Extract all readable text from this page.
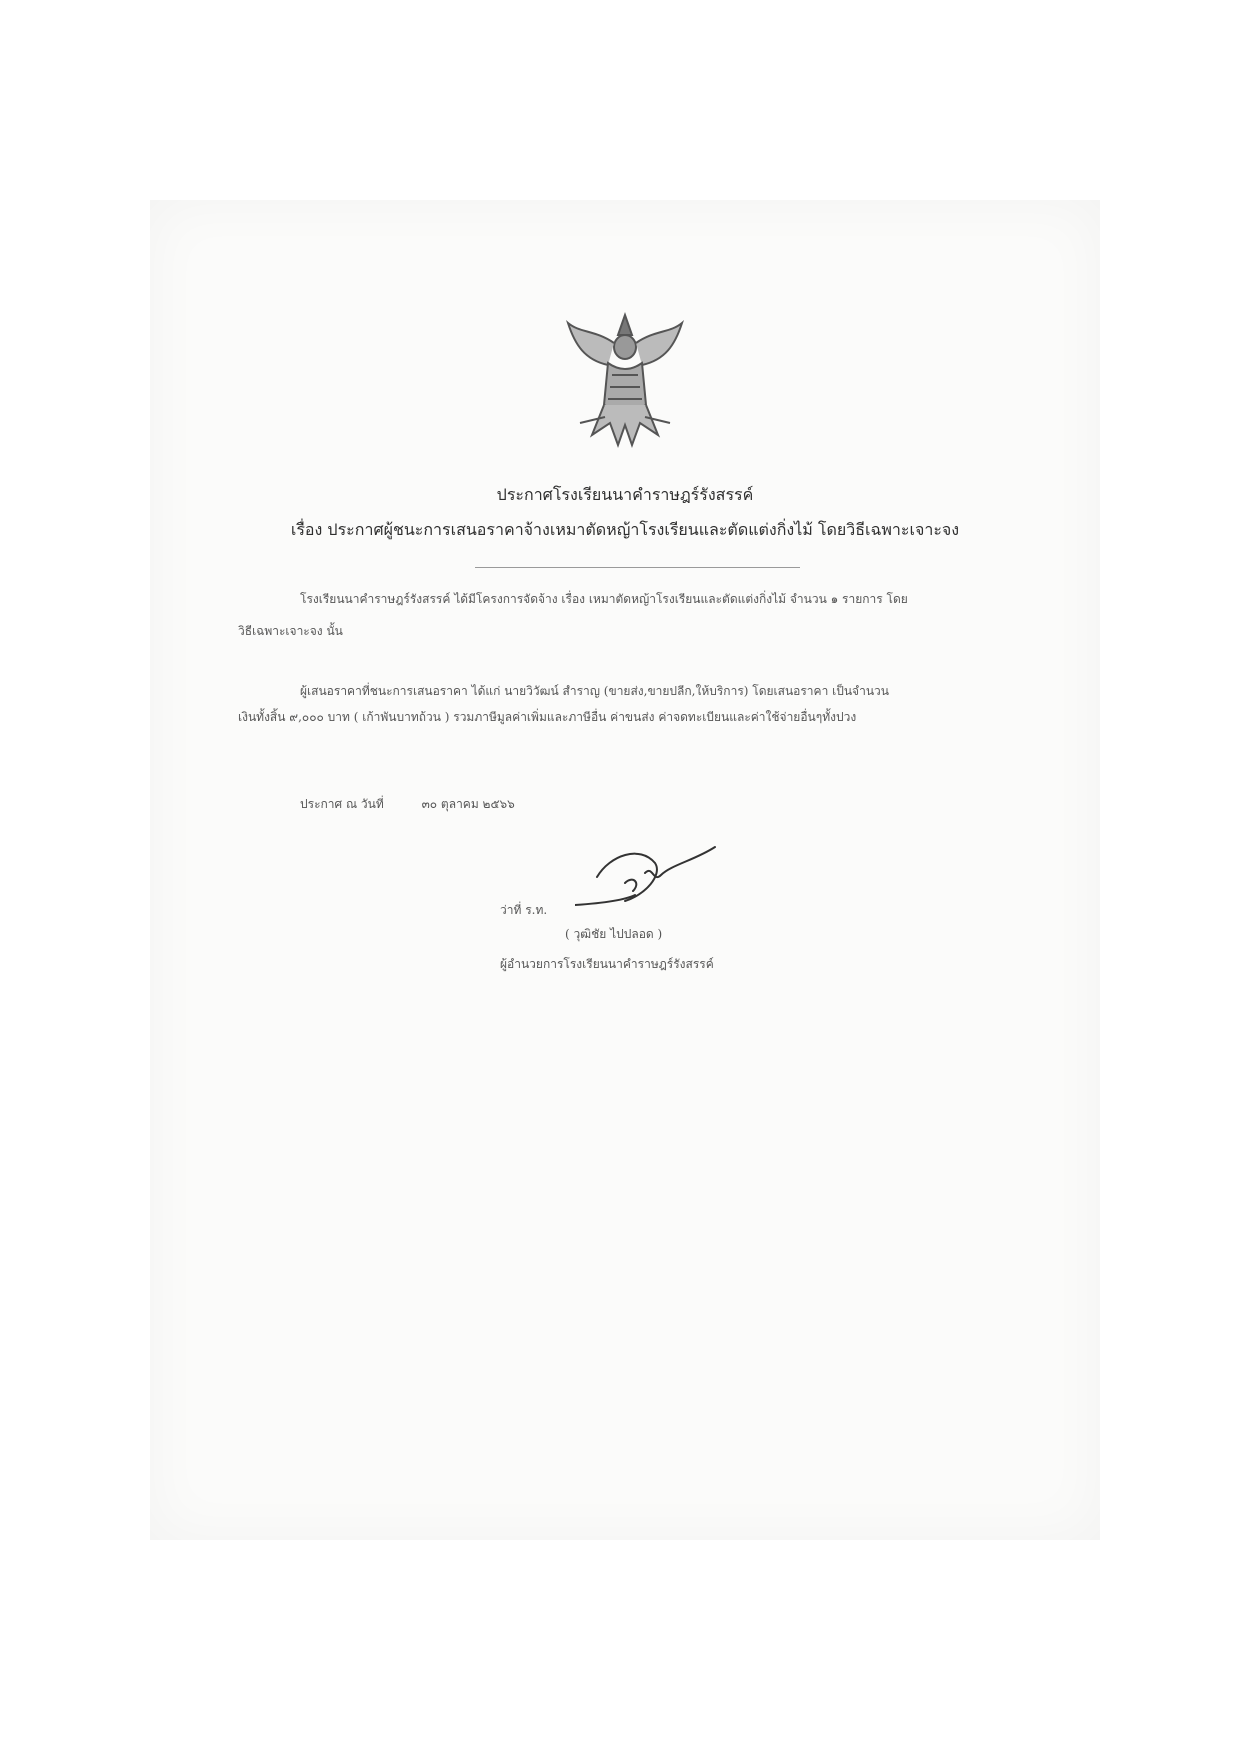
ประกาศโรงเรียนนาคำราษฎร์รังสรรค์
เรื่อง ประกาศผู้ชนะการเสนอราคาจ้างเหมาตัดหญ้าโรงเรียนและตัดแต่งกิ่งไม้ โดยวิธีเฉพาะเจาะจง
โรงเรียนนาคำราษฎร์รังสรรค์ ได้มีโครงการจัดจ้าง เรื่อง เหมาตัดหญ้าโรงเรียนและตัดแต่งกิ่งไม้ จำนวน ๑ รายการ โดย
วิธีเฉพาะเจาะจง นั้น
ผู้เสนอราคาที่ชนะการเสนอราคา ได้แก่ นายวิวัฒน์ สำราญ (ขายส่ง,ขายปลีก,ให้บริการ) โดยเสนอราคา เป็นจำนวน
เงินทั้งสิ้น ๙,๐๐๐ บาท ( เก้าพันบาทถ้วน ) รวมภาษีมูลค่าเพิ่มและภาษีอื่น ค่าขนส่ง ค่าจดทะเบียนและค่าใช้จ่ายอื่นๆทั้งปวง
ประกาศ ณ วันที่	๓๐ ตุลาคม ๒๕๖๖
ว่าที่ ร.ท.
( วุฒิชัย ไปปลอด )
ผู้อำนวยการโรงเรียนนาคำราษฎร์รังสรรค์
